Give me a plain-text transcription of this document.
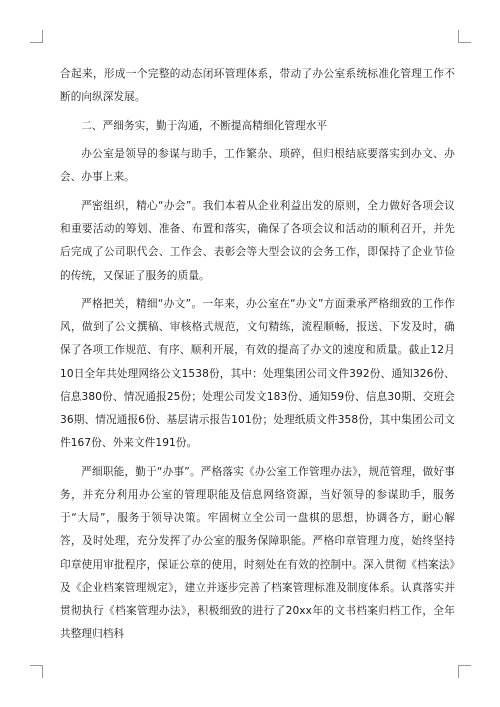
合起来，形成一个完整的动态闭环管理体系，带动了办公室系统标准化管理工作不断的向纵深发展。

二、严细务实，勤于沟通，不断提高精细化管理水平

办公室是领导的参谋与助手，工作繁杂、琐碎，但归根结底要落实到办文、办会、办事上来。

严密组织，精心“办会”。我们本着从企业利益出发的原则，全力做好各项会议和重要活动的筹划、准备、布置和落实，确保了各项会议和活动的顺利召开，并先后完成了公司职代会、工作会、表彰会等大型会议的会务工作，即保持了企业节俭的传统，又保证了服务的质量。

严格把关，精细“办文”。一年来，办公室在“办文”方面秉承严格细致的工作作风，做到了公文撰稿、审核格式规范，文句精练，流程顺畅，报送、下发及时，确保了各项工作规范、有序、顺利开展，有效的提高了办文的速度和质量。截止12月10日全年共处理网络公文1538份，其中：处理集团公司文件392份、通知326份、信息380份、情况通报25份；处理公司发文183份、通知59份、信息30期、交班会36期、情况通报6份、基层请示报告101份；处理纸质文件358份，其中集团公司文件167份、外来文件191份。

严细职能，勤于“办事”。严格落实《办公室工作管理办法》，规范管理，做好事务，并充分利用办公室的管理职能及信息网络资源，当好领导的参谋助手，服务于“大局”，服务于领导决策。牢固树立全公司一盘棋的思想，协调各方，耐心解答，及时处理，充分发挥了办公室的服务保障职能。严格印章管理力度，始终坚持印章使用审批程序，保证公章的使用，时刻处在有效的控制中。深入贯彻《档案法》及《企业档案管理规定》，建立并逐步完善了档案管理标准及制度体系。认真落实并贯彻执行《档案管理办法》，积极细致的进行了20xx年的文书档案归档工作，全年共整理归档科
